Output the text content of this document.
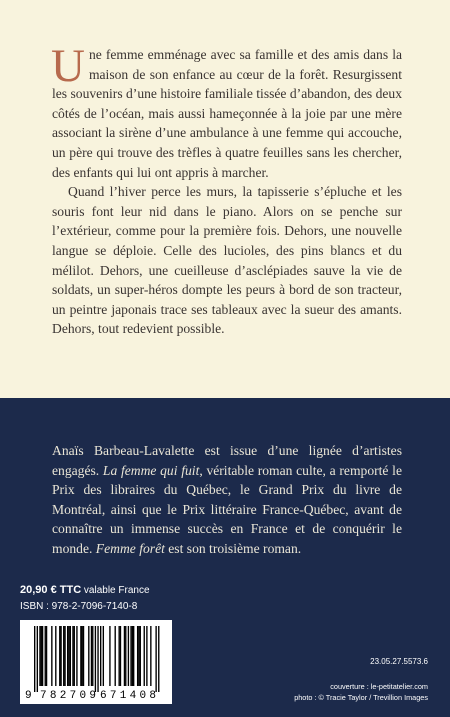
Une femme emménage avec sa famille et des amis dans la maison de son enfance au cœur de la forêt. Resurgissent les souvenirs d’une histoire familiale tissée d’abandon, des deux côtés de l’océan, mais aussi hameçonnée à la joie par une mère associant la sirène d’une ambulance à une femme qui accouche, un père qui trouve des trèfles à quatre feuilles sans les chercher, des enfants qui lui ont appris à marcher.

Quand l’hiver perce les murs, la tapisserie s’épluche et les souris font leur nid dans le piano. Alors on se penche sur l’extérieur, comme pour la première fois. Dehors, une nouvelle langue se déploie. Celle des lucioles, des pins blancs et du mélilot. Dehors, une cueilleuse d’asclépiades sauve la vie de soldats, un super-héros dompte les peurs à bord de son tracteur, un peintre japonais trace ses tableaux avec la sueur des amants. Dehors, tout redevient possible.

Anaïs Barbeau-Lavalette est issue d’une lignée d’artistes engagés. La femme qui fuit, véritable roman culte, a remporté le Prix des libraires du Québec, le Grand Prix du livre de Montréal, ainsi que le Prix littéraire France-Québec, avant de connaître un immense succès en France et de conquérir le monde. Femme forêt est son troisième roman.

20,90 € TTC valable France
ISBN : 978-2-7096-7140-8
9 782709 671408
23.05.27.5573.6
couverture : le-petitatelier.com
photo : © Tracie Taylor / Trevillion Images
